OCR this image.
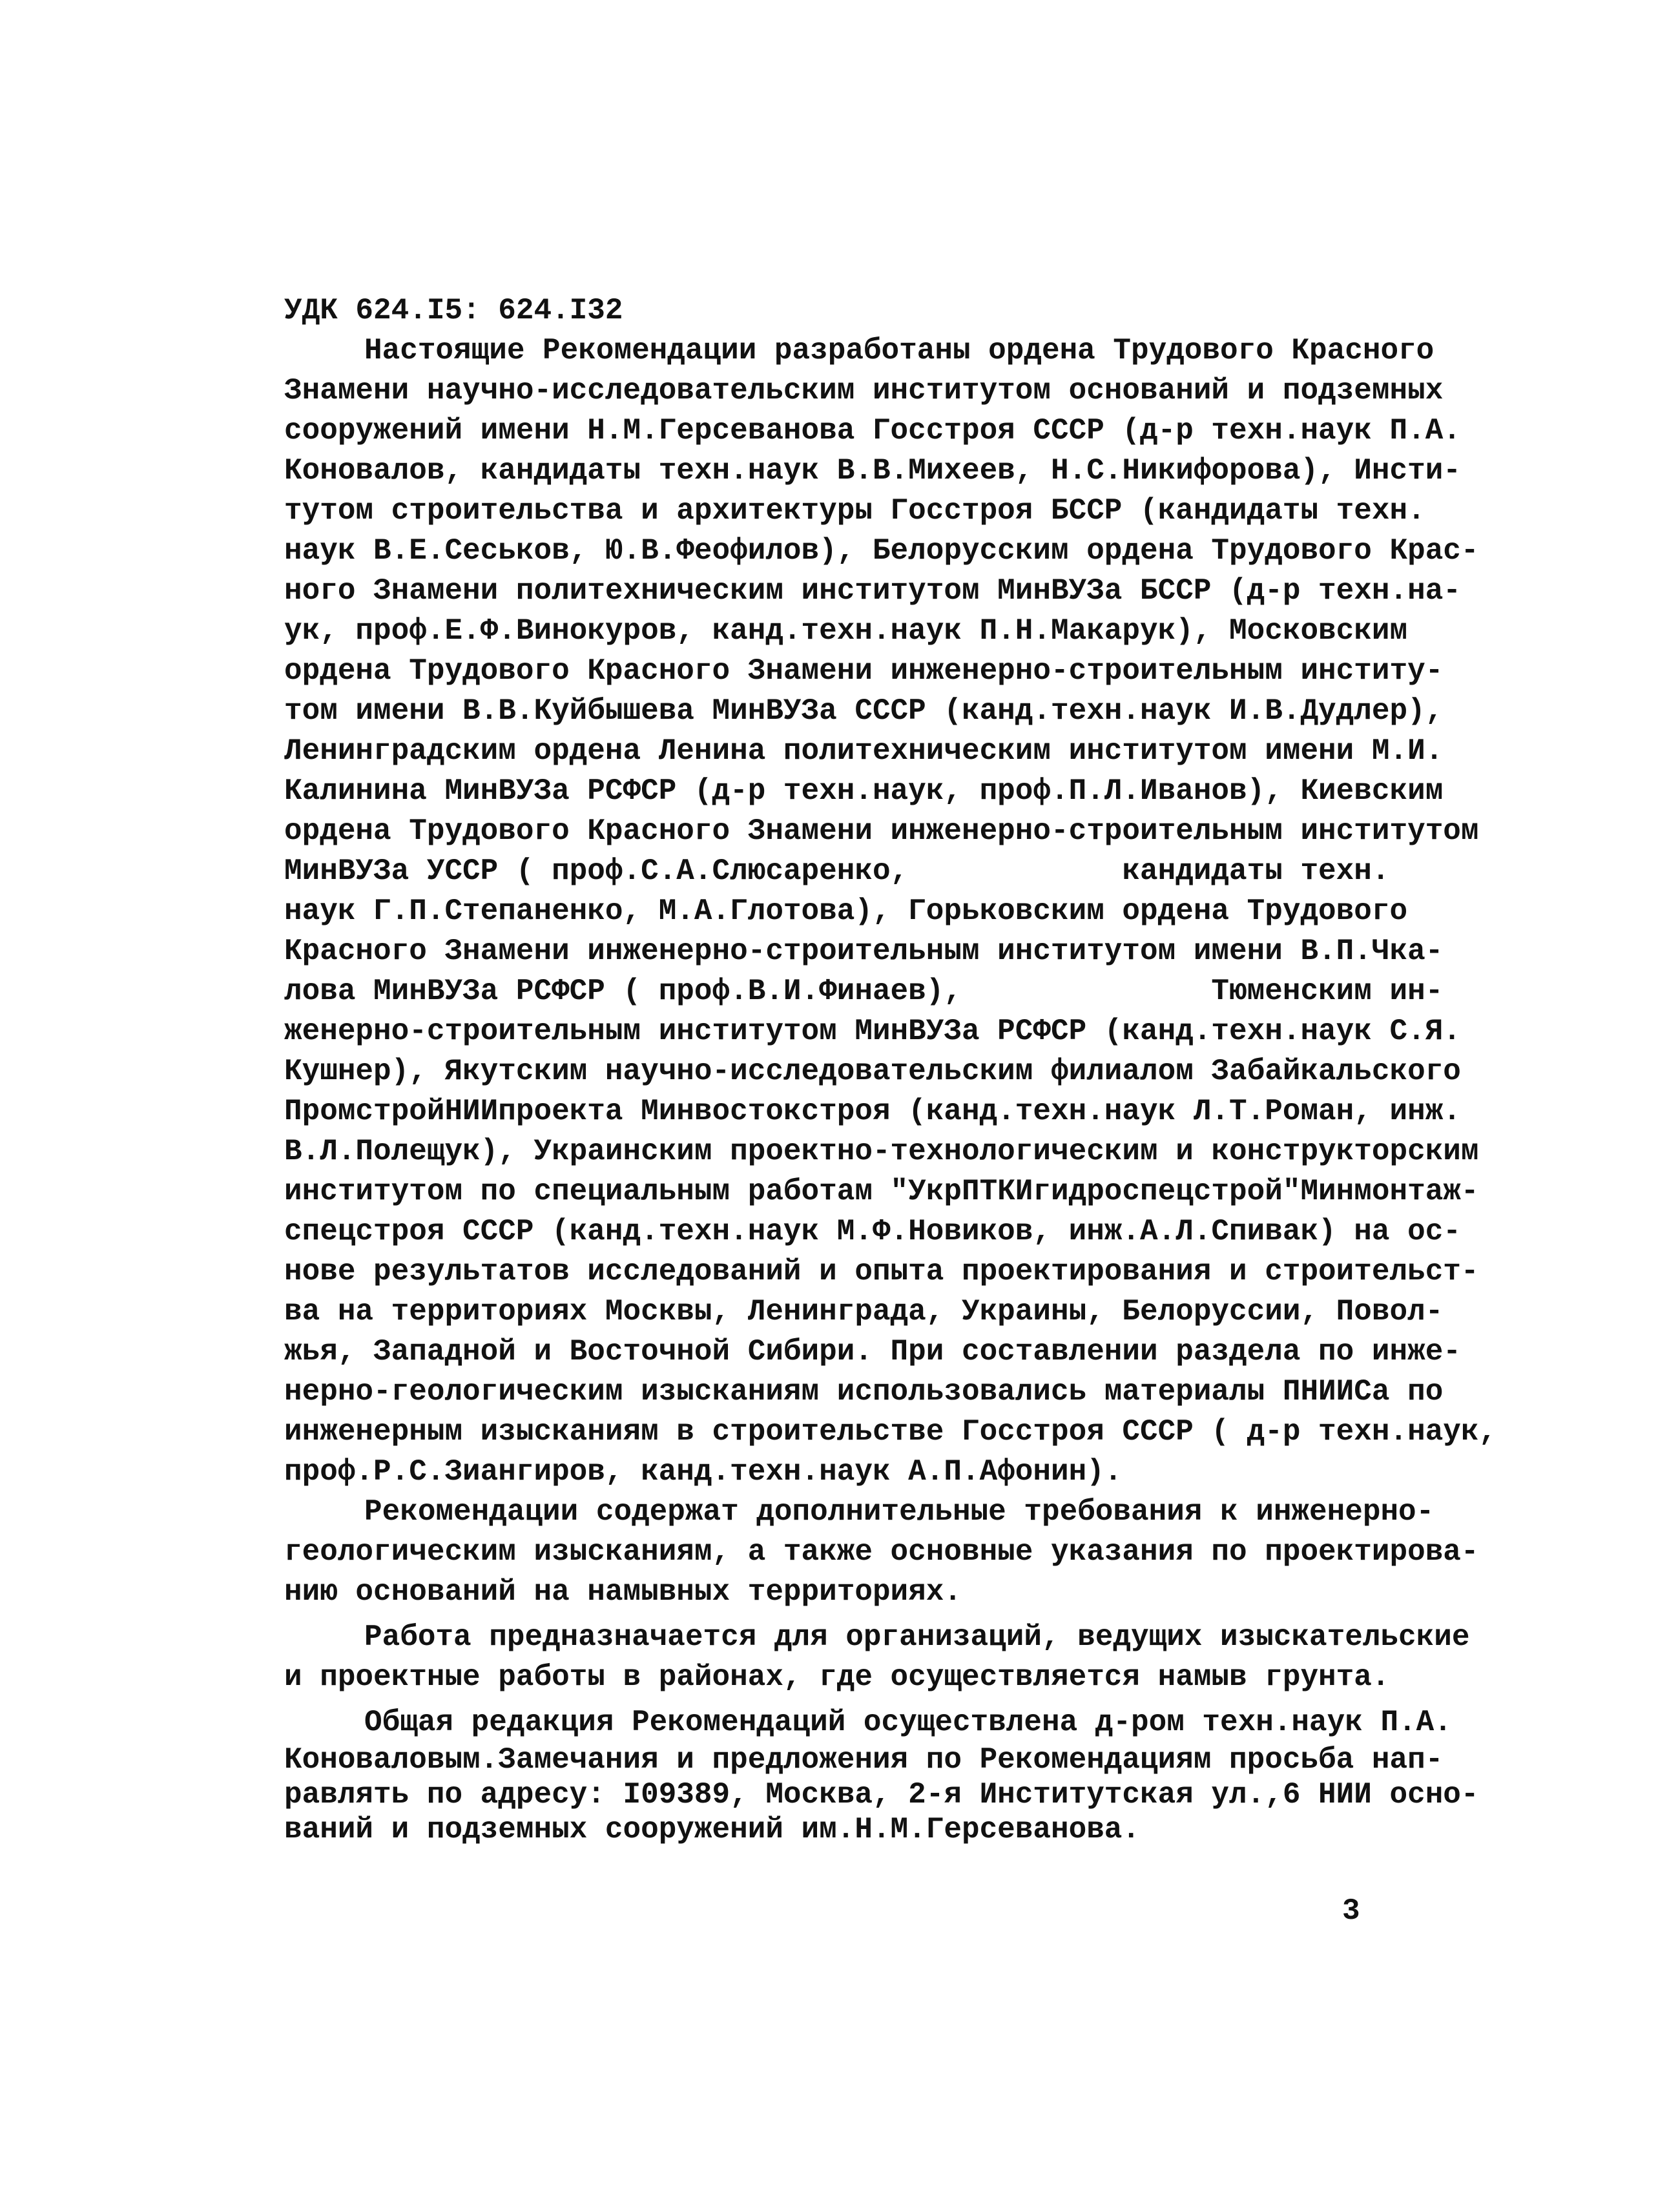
УДК 624.I5: 624.I32
Настоящие Рекомендации разработаны ордена Трудового Красного
Знамени научно-исследовательским институтом оснований и подземных
сооружений имени Н.М.Герсеванова Госстроя СССР (д-р техн.наук П.А.
Коновалов, кандидаты техн.наук В.В.Михеев, Н.С.Никифорова), Инсти-
тутом строительства и архитектуры Госстроя БССР (кандидаты техн.
наук В.Е.Сеськов, Ю.В.Феофилов), Белорусским ордена Трудового Крас-
ного Знамени политехническим институтом МинВУЗа БССР (д-р техн.на-
ук, проф.Е.Ф.Винокуров, канд.техн.наук П.Н.Макарук), Московским
ордена Трудового Красного Знамени инженерно-строительным институ-
том имени В.В.Куйбышева МинВУЗа СССР (канд.техн.наук И.В.Дудлер),
Ленинградским ордена Ленина политехническим институтом имени М.И.
Калинина МинВУЗа РСФСР (д-р техн.наук, проф.П.Л.Иванов), Киевским
ордена Трудового Красного Знамени инженерно-строительным институтом
МинВУЗа УССР ( проф.С.А.Слюсаренко,            кандидаты техн.
наук Г.П.Степаненко, М.А.Глотова), Горьковским ордена Трудового
Красного Знамени инженерно-строительным институтом имени В.П.Чка-
лова МинВУЗа РСФСР ( проф.В.И.Финаев),              Тюменским ин-
женерно-строительным институтом МинВУЗа РСФСР (канд.техн.наук С.Я.
Кушнер), Якутским научно-исследовательским филиалом Забайкальского
ПромстройНИИпроекта Минвостокстроя (канд.техн.наук Л.Т.Роман, инж.
В.Л.Полещук), Украинским проектно-технологическим и конструкторским
институтом по специальным работам "УкрПТКИгидроспецстрой"Минмонтаж-
спецстроя СССР (канд.техн.наук М.Ф.Новиков, инж.А.Л.Спивак) на ос-
нове результатов исследований и опыта проектирования и строительст-
ва на территориях Москвы, Ленинграда, Украины, Белоруссии, Повол-
жья, Западной и Восточной Сибири. При составлении раздела по инже-
нерно-геологическим изысканиям использовались материалы ПНИИСа по
инженерным изысканиям в строительстве Госстроя СССР ( д-р техн.наук,
проф.Р.С.Зиангиров, канд.техн.наук А.П.Афонин).
Рекомендации содержат дополнительные требования к инженерно-
геологическим изысканиям, а также основные указания по проектирова-
нию оснований на намывных территориях.
Работа предназначается для организаций, ведущих изыскательские
и проектные работы в районах, где осуществляется намыв грунта.
Общая редакция Рекомендаций осуществлена д-ром техн.наук П.А.
Коноваловым.Замечания и предложения по Рекомендациям просьба нап-
равлять по адресу: I09389, Москва, 2-я Институтская ул.,6 НИИ осно-
ваний и подземных сооружений им.Н.М.Герсеванова.
3
